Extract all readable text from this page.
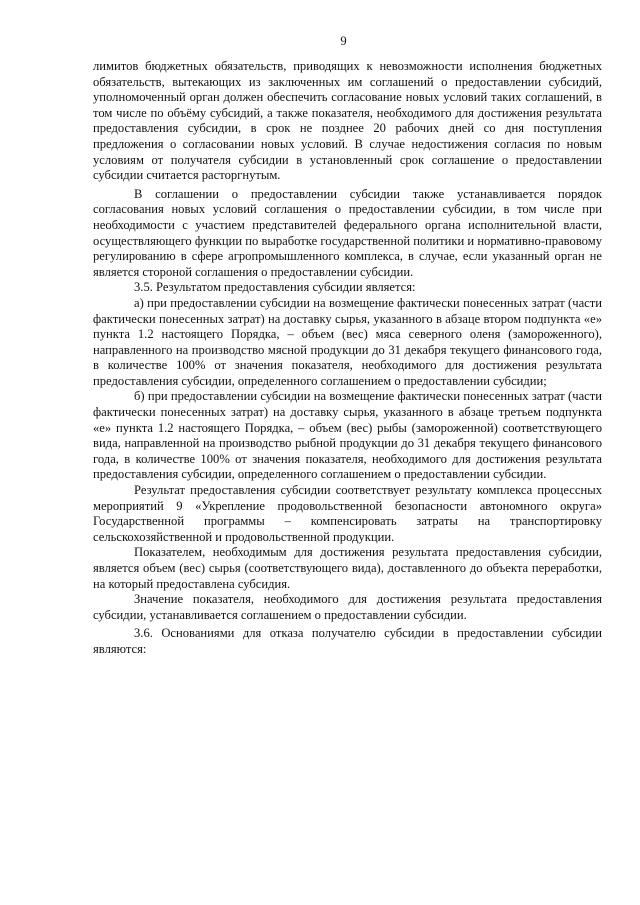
9

лимитов бюджетных обязательств, приводящих к невозможности исполнения бюджетных обязательств, вытекающих из заключенных им соглашений о предоставлении субсидий, уполномоченный орган должен обеспечить согласование новых условий таких соглашений, в том числе по объёму субсидий, а также показателя, необходимого для достижения результата предоставления субсидии, в срок не позднее 20 рабочих дней со дня поступления предложения о согласовании новых условий. В случае недостижения согласия по новым условиям от получателя субсидии в установленный срок соглашение о предоставлении субсидии считается расторгнутым.

В соглашении о предоставлении субсидии также устанавливается порядок согласования новых условий соглашения о предоставлении субсидии, в том числе при необходимости с участием представителей федерального органа исполнительной власти, осуществляющего функции по выработке государственной политики и нормативно-правовому регулированию в сфере агропромышленного комплекса, в случае, если указанный орган не является стороной соглашения о предоставлении субсидии.

3.5. Результатом предоставления субсидии является:

а) при предоставлении субсидии на возмещение фактически понесенных затрат (части фактически понесенных затрат) на доставку сырья, указанного в абзаце втором подпункта «е» пункта 1.2 настоящего Порядка, – объем (вес) мяса северного оленя (замороженного), направленного на производство мясной продукции до 31 декабря текущего финансового года, в количестве 100% от значения показателя, необходимого для достижения результата предоставления субсидии, определенного соглашением о предоставлении субсидии;

б) при предоставлении субсидии на возмещение фактически понесенных затрат (части фактически понесенных затрат) на доставку сырья, указанного в абзаце третьем подпункта «е» пункта 1.2 настоящего Порядка, – объем (вес) рыбы (замороженной) соответствующего вида, направленной на производство рыбной продукции до 31 декабря текущего финансового года, в количестве 100% от значения показателя, необходимого для достижения результата предоставления субсидии, определенного соглашением о предоставлении субсидии.

Результат предоставления субсидии соответствует результату комплекса процессных мероприятий 9 «Укрепление продовольственной безопасности автономного округа» Государственной программы – компенсировать затраты на транспортировку сельскохозяйственной и продовольственной продукции.

Показателем, необходимым для достижения результата предоставления субсидии, является объем (вес) сырья (соответствующего вида), доставленного до объекта переработки, на который предоставлена субсидия.

Значение показателя, необходимого для достижения результата предоставления субсидии, устанавливается соглашением о предоставлении субсидии.

3.6. Основаниями для отказа получателю субсидии в предоставлении субсидии являются:
